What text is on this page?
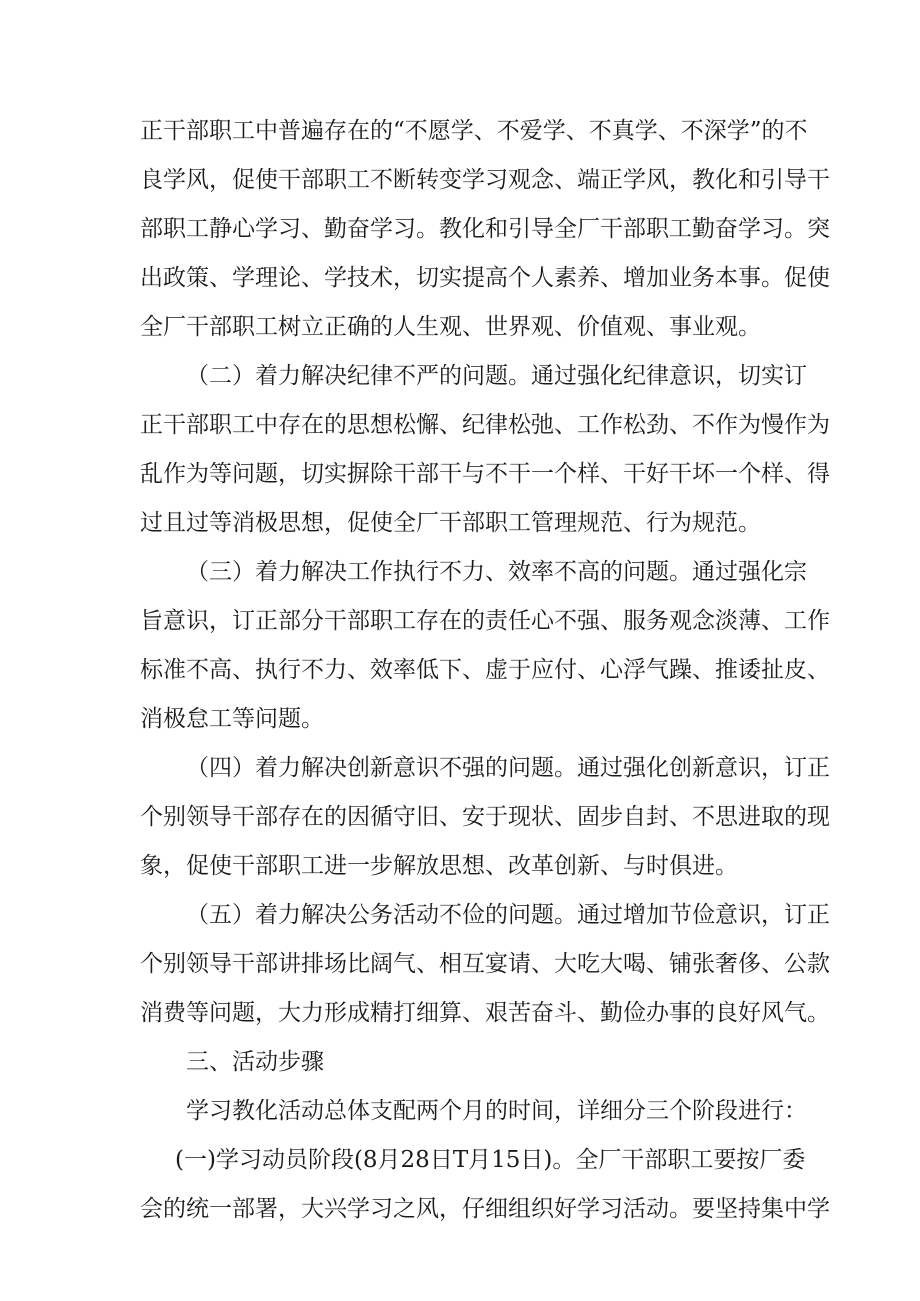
正干部职工中普遍存在的“不愿学、不爱学、不真学、不深学”的不
良学风，促使干部职工不断转变学习观念、端正学风，教化和引导干
部职工静心学习、勤奋学习。教化和引导全厂干部职工勤奋学习。突
出政策、学理论、学技术，切实提高个人素养、增加业务本事。促使
全厂干部职工树立正确的人生观、世界观、价值观、事业观。
（二）着力解决纪律不严的问题。通过强化纪律意识，切实订
正干部职工中存在的思想松懈、纪律松弛、工作松劲、不作为慢作为
乱作为等问题，切实摒除干部干与不干一个样、干好干坏一个样、得
过且过等消极思想，促使全厂干部职工管理规范、行为规范。
（三）着力解决工作执行不力、效率不高的问题。通过强化宗
旨意识，订正部分干部职工存在的责任心不强、服务观念淡薄、工作
标准不高、执行不力、效率低下、虚于应付、心浮气躁、推诿扯皮、
消极怠工等问题。
（四）着力解决创新意识不强的问题。通过强化创新意识，订正
个别领导干部存在的因循守旧、安于现状、固步自封、不思进取的现
象，促使干部职工进一步解放思想、改革创新、与时俱进。
（五）着力解决公务活动不俭的问题。通过增加节俭意识，订正
个别领导干部讲排场比阔气、相互宴请、大吃大喝、铺张奢侈、公款
消费等问题，大力形成精打细算、艰苦奋斗、勤俭办事的良好风气。
三、活动步骤
学习教化活动总体支配两个月的时间，详细分三个阶段进行：
(一)学习动员阶段(8月28日T月15日)。全厂干部职工要按厂委
会的统一部署，大兴学习之风，仔细组织好学习活动。要坚持集中学
